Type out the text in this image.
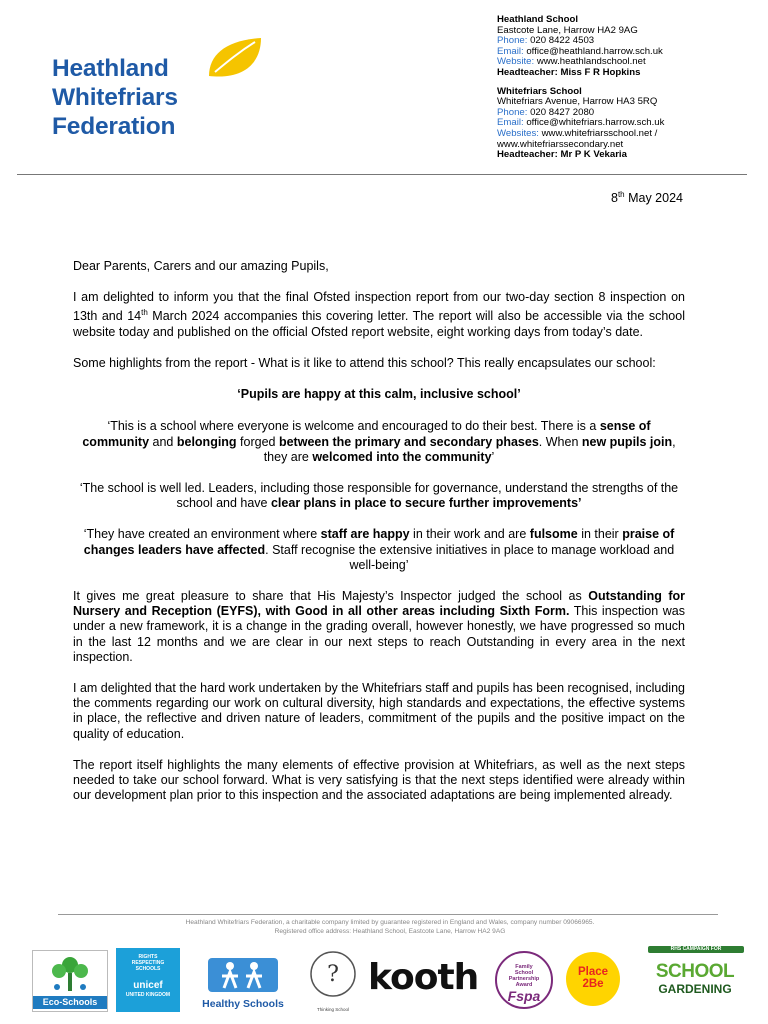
Heathland
Whitefriars
Federation
Heathland School
Eastcote Lane, Harrow HA2 9AG
Phone: 020 8422 4503
Email: office@heathland.harrow.sch.uk
Website: www.heathlandschool.net
Headteacher: Miss F R Hopkins
Whitefriars School
Whitefriars Avenue, Harrow HA3 5RQ
Phone: 020 8427 2080
Email: office@whitefriars.harrow.sch.uk
Websites: www.whitefriarsschool.net /
www.whitefriarssecondary.net
Headteacher: Mr P K Vekaria
8th May 2024

Dear Parents, Carers and our amazing Pupils,

I am delighted to inform you that the final Ofsted inspection report from our two-day section 8 inspection on 13th and 14th March 2024 accompanies this covering letter. The report will also be accessible via the school website today and published on the official Ofsted report website, eight working days from today’s date.

Some highlights from the report - What is it like to attend this school? This really encapsulates our school:

‘Pupils are happy at this calm, inclusive school’

‘This is a school where everyone is welcome and encouraged to do their best. There is a sense of community and belonging forged between the primary and secondary phases. When new pupils join, they are welcomed into the community’

‘The school is well led. Leaders, including those responsible for governance, understand the strengths of the school and have clear plans in place to secure further improvements’

‘They have created an environment where staff are happy in their work and are fulsome in their praise of changes leaders have affected. Staff recognise the extensive initiatives in place to manage workload and well-being’

It gives me great pleasure to share that His Majesty’s Inspector judged the school as Outstanding for Nursery and Reception (EYFS), with Good in all other areas including Sixth Form. This inspection was under a new framework, it is a change in the grading overall, however honestly, we have progressed so much in the last 12 months and we are clear in our next steps to reach Outstanding in every area in the next inspection.

I am delighted that the hard work undertaken by the Whitefriars staff and pupils has been recognised, including the comments regarding our work on cultural diversity, high standards and expectations, the effective systems in place, the reflective and driven nature of leaders, commitment of the pupils and the positive impact on the quality of education.

The report itself highlights the many elements of effective provision at Whitefriars, as well as the next steps needed to take our school forward. What is very satisfying is that the next steps identified were already within our development plan prior to this inspection and the associated adaptations are being implemented already.

Heathland Whitefriars Federation, a charitable company limited by guarantee registered in England and Wales, company number 09066965.
Registered office address: Heathland School, Eastcote Lane, Harrow HA2 9AG
Eco-Schools
RIGHTS
RESPECTING
SCHOOLS
unicef
UNITED KINGDOM
Healthy Schools
?
Thinking School
kooth	Family
School
Partnership
Award
Fspa
Place
2Be
RHS CAMPAIGN FOR
SCHOOL
GARDENING
